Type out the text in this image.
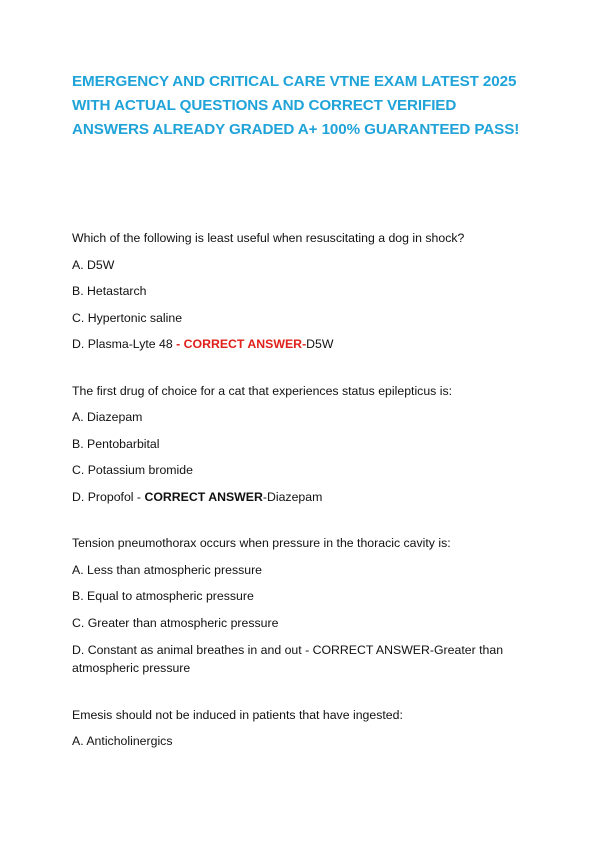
EMERGENCY AND CRITICAL CARE VTNE EXAM LATEST 2025
WITH ACTUAL QUESTIONS AND CORRECT VERIFIED
ANSWERS ALREADY GRADED A+ 100% GUARANTEED PASS!

Which of the following is least useful when resuscitating a dog in shock?

A. D5W

B. Hetastarch

C. Hypertonic saline

D. Plasma-Lyte 48 - CORRECT ANSWER-D5W

The first drug of choice for a cat that experiences status epilepticus is:

A. Diazepam

B. Pentobarbital

C. Potassium bromide

D. Propofol - CORRECT ANSWER-Diazepam

Tension pneumothorax occurs when pressure in the thoracic cavity is:

A. Less than atmospheric pressure

B. Equal to atmospheric pressure

C. Greater than atmospheric pressure

D. Constant as animal breathes in and out - CORRECT ANSWER-Greater than atmospheric pressure

Emesis should not be induced in patients that have ingested:

A. Anticholinergics
